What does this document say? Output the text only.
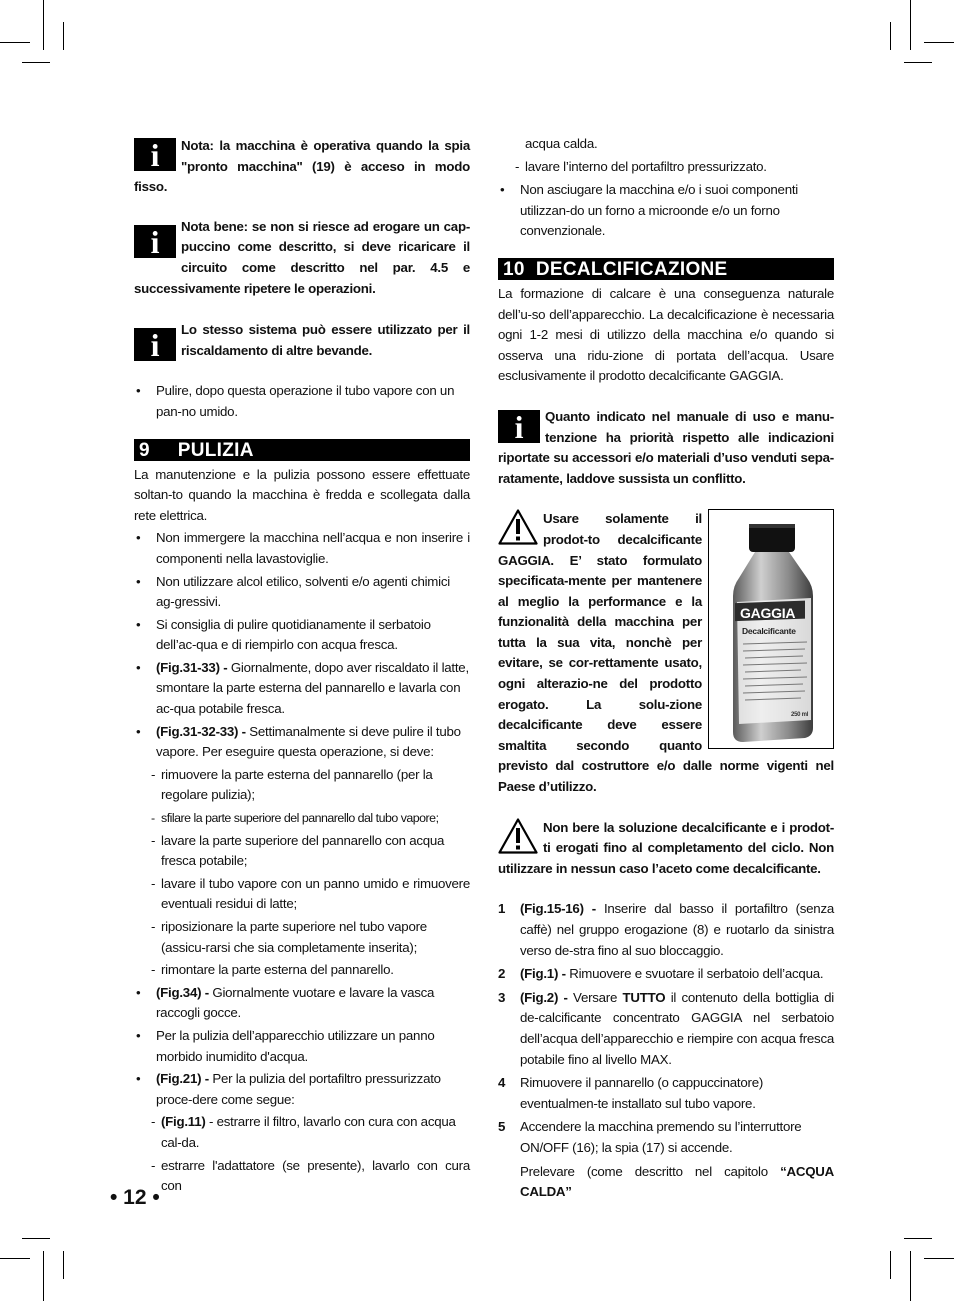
i	Nota: la macchina è operativa quando la spia "pronto macchina" (19) è acceso in modo fisso.
i	Nota bene: se non si riesce ad erogare un cap-puccino come descritto, si deve ricaricare il circuito come descritto nel par. 4.5 e successivamente ripetere le operazioni.
i	Lo stesso sistema può essere utilizzato per il riscaldamento di altre bevande.

• Pulire, dopo questa operazione il tubo vapore con un pan-no umido.

9     PULIZIA

La manutenzione e la pulizia possono essere effettuate soltan-to quando la macchina è fredda e scollegata dalla rete elettrica.

• Non immergere la macchina nell’acqua e non inserire i componenti nella lavastoviglie.

• Non utilizzare alcol etilico, solventi e/o agenti chimici ag-gressivi.

• Si consiglia di pulire quotidianamente il serbatoio dell’ac-qua e di riempirlo con acqua fresca.

• (Fig.31-33) - Giornalmente, dopo aver riscaldato il latte, smontare la parte esterna del pannarello e lavarla con ac-qua potabile fresca.

• (Fig.31-32-33) - Settimanalmente si deve pulire il tubo vapore. Per eseguire questa operazione, si deve:

- rimuovere la parte esterna del pannarello (per la regolare pulizia);

- sfilare la parte superiore del pannarello dal tubo vapore;

- lavare la parte superiore del pannarello con acqua fresca potabile;

- lavare il tubo vapore con un panno umido e rimuovere eventuali residui di latte;

- riposizionare la parte superiore nel tubo vapore (assicu-rarsi che sia completamente inserita);

- rimontare la parte esterna del pannarello.

• (Fig.34) - Giornalmente vuotare e lavare la vasca raccogli gocce.

• Per la pulizia dell’apparecchio utilizzare un panno morbido inumidito d'acqua.

• (Fig.21) - Per la pulizia del portafiltro pressurizzato proce-dere come segue:

- (Fig.11) - estrarre il filtro, lavarlo con cura con acqua cal-da.

- estrarre l'adattatore (se presente), lavarlo con cura con

acqua calda.

- lavare l’interno del portafiltro pressurizzato.

• Non asciugare la macchina e/o i suoi componenti utilizzan-do un forno a microonde e/o un forno convenzionale.

10  DECALCIFICAZIONE

La formazione di calcare è una conseguenza naturale dell’u-so dell’apparecchio. La decalcificazione è necessaria ogni 1-2 mesi di utilizzo della macchina e/o quando si osserva una ridu-zione di portata dell’acqua. Usare esclusivamente il prodotto decalcificante GAGGIA.

i	Quanto indicato nel manuale di uso e manu-tenzione ha priorità rispetto alle indicazioni riportate su accessori e/o materiali d’uso venduti sepa-ratamente, laddove sussista un conflitto.
GAGGIA
Decalcificante
250 ml
Usare solamente il prodot-to decalcificante GAGGIA. E’ stato formulato specificata-mente per mantenere al meglio la performance e la funzionalità della macchina per tutta la sua vita, nonchè per evitare, se cor-rettamente usato, ogni alterazio-ne del prodotto erogato. La solu-zione decalcificante deve essere smaltita secondo quanto previsto dal costruttore e/o dalle norme vigenti nel Paese d’utilizzo.
Non bere la soluzione decalcificante e i prodot-ti erogati fino al completamento del ciclo. Non utilizzare in nessun caso l’aceto come decalcificante.

1 (Fig.15-16) - Inserire dal basso il portafiltro (senza caffè) nel gruppo erogazione (8) e ruotarlo da sinistra verso de-stra fino al suo bloccaggio.

2 (Fig.1) - Rimuovere e svuotare il serbatoio dell’acqua.

3 (Fig.2) - Versare TUTTO il contenuto della bottiglia di de-calcificante concentrato GAGGIA nel serbatoio dell’acqua dell’apparecchio e riempire con acqua fresca potabile fino al livello MAX.

4 Rimuovere il pannarello (o cappuccinatore) eventualmen-te installato sul tubo vapore.

5 Accendere la macchina premendo su l’interruttore ON/OFF (16); la spia (17) si accende.

Prelevare (come descritto nel capitolo “ACQUA CALDA”

• 12 •
